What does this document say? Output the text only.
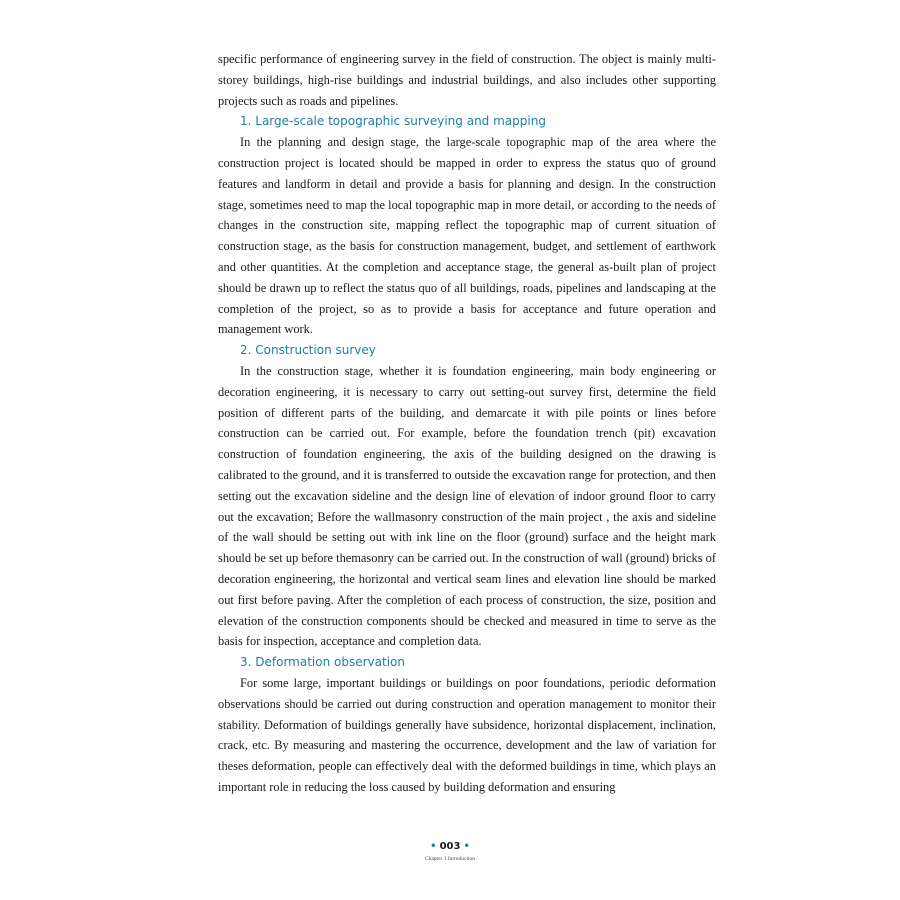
specific performance of engineering survey in the field of construction. The object is mainly multi-storey buildings, high-rise buildings and industrial buildings, and also includes other supporting projects such as roads and pipelines.

1. Large-scale topographic surveying and mapping

In the planning and design stage, the large-scale topographic map of the area where the construction project is located should be mapped in order to express the status quo of ground features and landform in detail and provide a basis for planning and design. In the construction stage, sometimes need to map the local topographic map in more detail, or according to the needs of changes in the construction site, mapping reflect the topographic map of current situation of construction stage, as the basis for construction management, budget, and settlement of earthwork and other quantities. At the completion and acceptance stage, the general as-built plan of project should be drawn up to reflect the status quo of all buildings, roads, pipelines and landscaping at the completion of the project, so as to provide a basis for acceptance and future operation and management work.

2. Construction survey

In the construction stage, whether it is foundation engineering, main body engineering or decoration engineering, it is necessary to carry out setting-out survey first, determine the field position of different parts of the building, and demarcate it with pile points or lines before construction can be carried out. For example, before the foundation trench (pit) excavation construction of foundation engineering, the axis of the building designed on the drawing is calibrated to the ground, and it is transferred to outside the excavation range for protection, and then setting out the excavation sideline and the design line of elevation of indoor ground floor to carry out the excavation; Before the wallmasonry construction of the main project , the axis and sideline of the wall should be setting out with ink line on the floor (ground) surface and the height mark should be set up before themasonry can be carried out. In the construction of wall (ground) bricks of decoration engineering, the horizontal and vertical seam lines and elevation line should be marked out first before paving. After the completion of each process of construction, the size, position and elevation of the construction components should be checked and measured in time to serve as the basis for inspection, acceptance and completion data.

3. Deformation observation

For some large, important buildings or buildings on poor foundations, periodic deformation observations should be carried out during construction and operation management to monitor their stability. Deformation of buildings generally have subsidence, horizontal displacement, inclination, crack, etc. By measuring and mastering the occurrence, development and the law of variation for theses deformation, people can effectively deal with the deformed buildings in time, which plays an important role in reducing the loss caused by building deformation and ensuring

• 003 •
Chapter 1 Introduction
